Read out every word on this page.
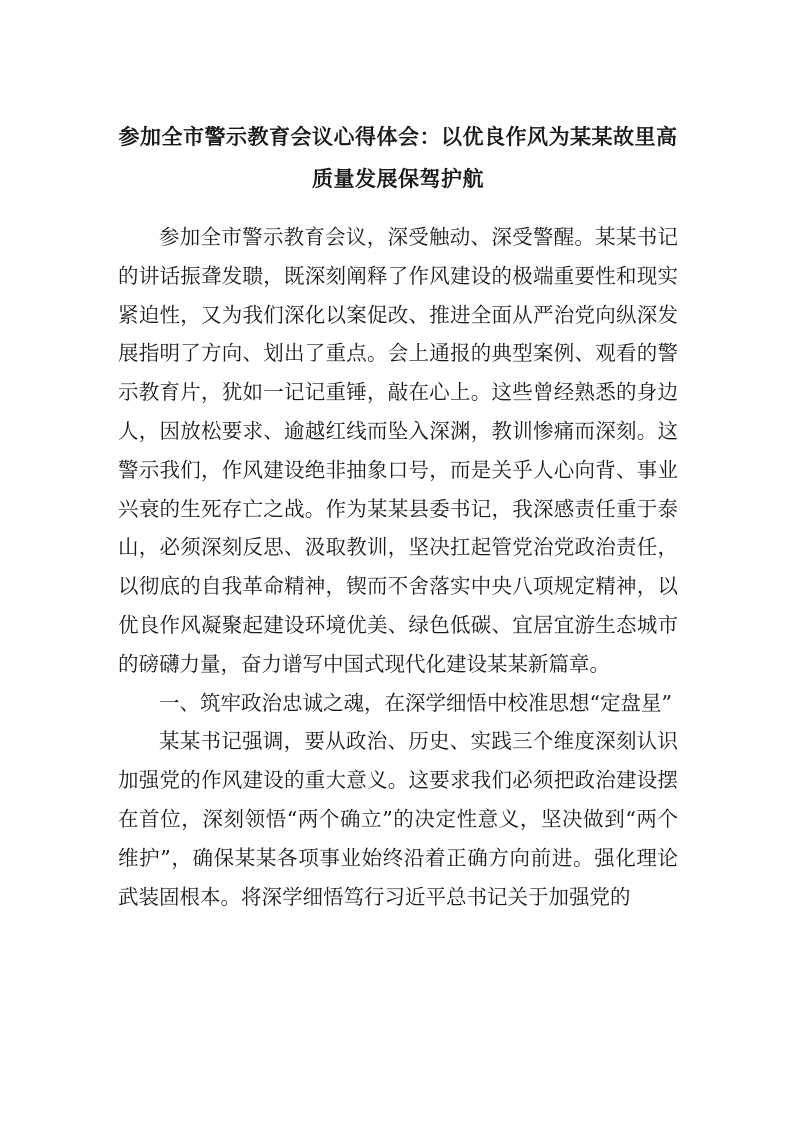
参加全市警示教育会议心得体会：以优良作风为某某故里高质量发展保驾护航

参加全市警示教育会议，深受触动、深受警醒。某某书记的讲话振聋发聩，既深刻阐释了作风建设的极端重要性和现实紧迫性，又为我们深化以案促改、推进全面从严治党向纵深发展指明了方向、划出了重点。会上通报的典型案例、观看的警示教育片，犹如一记记重锤，敲在心上。这些曾经熟悉的身边人，因放松要求、逾越红线而坠入深渊，教训惨痛而深刻。这警示我们，作风建设绝非抽象口号，而是关乎人心向背、事业兴衰的生死存亡之战。作为某某县委书记，我深感责任重于泰山，必须深刻反思、汲取教训，坚决扛起管党治党政治责任，以彻底的自我革命精神，锲而不舍落实中央八项规定精神，以优良作风凝聚起建设环境优美、绿色低碳、宜居宜游生态城市的磅礴力量，奋力谱写中国式现代化建设某某新篇章。

一、筑牢政治忠诚之魂，在深学细悟中校准思想“定盘星”

某某书记强调，要从政治、历史、实践三个维度深刻认识加强党的作风建设的重大意义。这要求我们必须把政治建设摆在首位，深刻领悟“两个确立”的决定性意义，坚决做到“两个维护”，确保某某各项事业始终沿着正确方向前进。强化理论武装固根本。将深学细悟笃行习近平总书记关于加强党的
